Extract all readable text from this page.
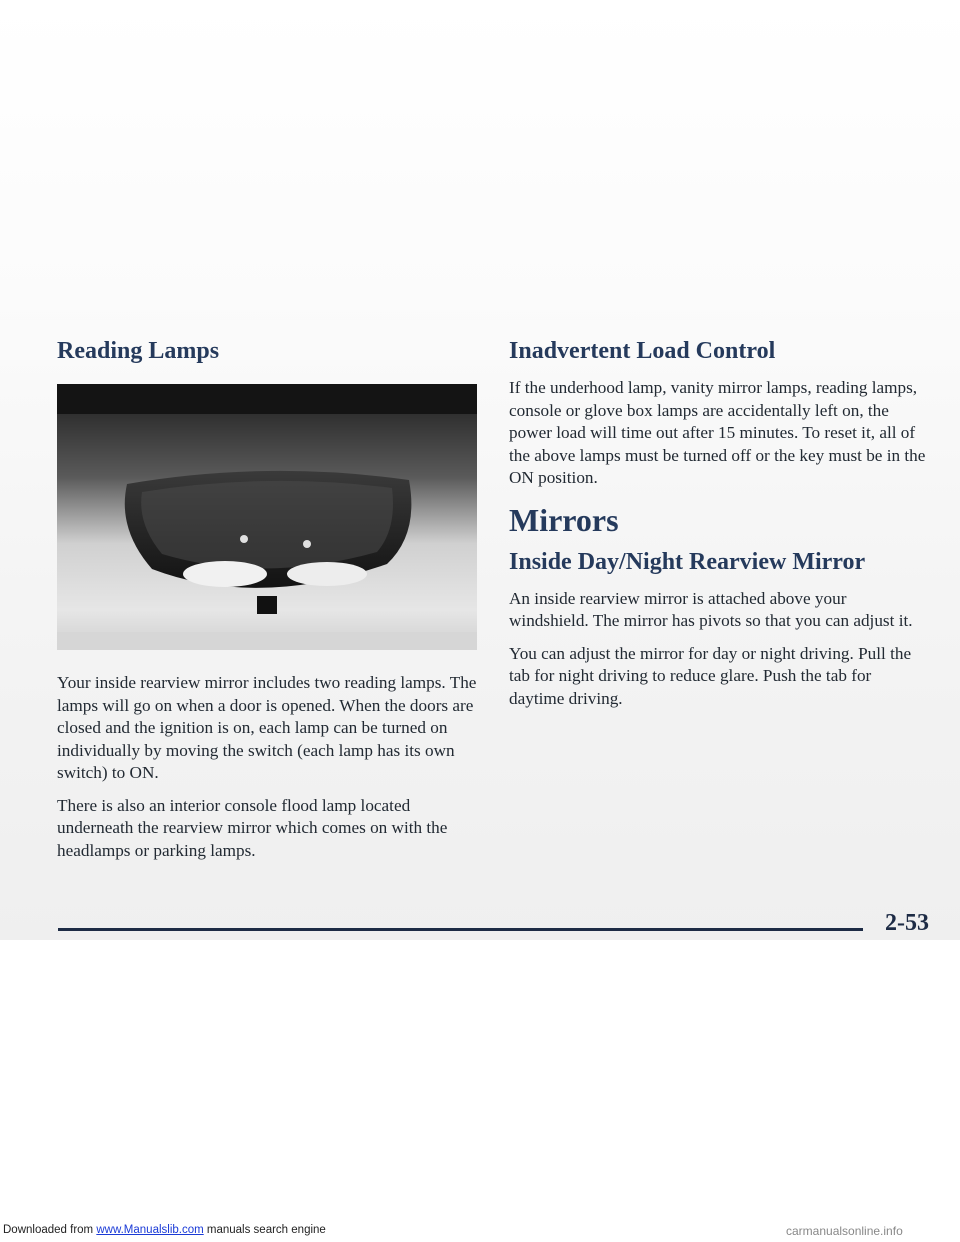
Reading Lamps

Your inside rearview mirror includes two reading lamps. The lamps will go on when a door is opened. When the doors are closed and the ignition is on, each lamp can be turned on individually by moving the switch (each lamp has its own switch) to ON.

There is also an interior console flood lamp located underneath the rearview mirror which comes on with the headlamps or parking lamps.

Inadvertent Load Control

If the underhood lamp, vanity mirror lamps, reading lamps, console or glove box lamps are accidentally left on, the power load will time out after 15 minutes. To reset it, all of the above lamps must be turned off or the key must be in the ON position.

Mirrors
Inside Day/Night Rearview Mirror

An inside rearview mirror is attached above your windshield. The mirror has pivots so that you can adjust it.

You can adjust the mirror for day or night driving. Pull the tab for night driving to reduce glare. Push the tab for daytime driving.

2-53
Downloaded from www.Manualslib.com manuals search engine	carmanualsonline.info
